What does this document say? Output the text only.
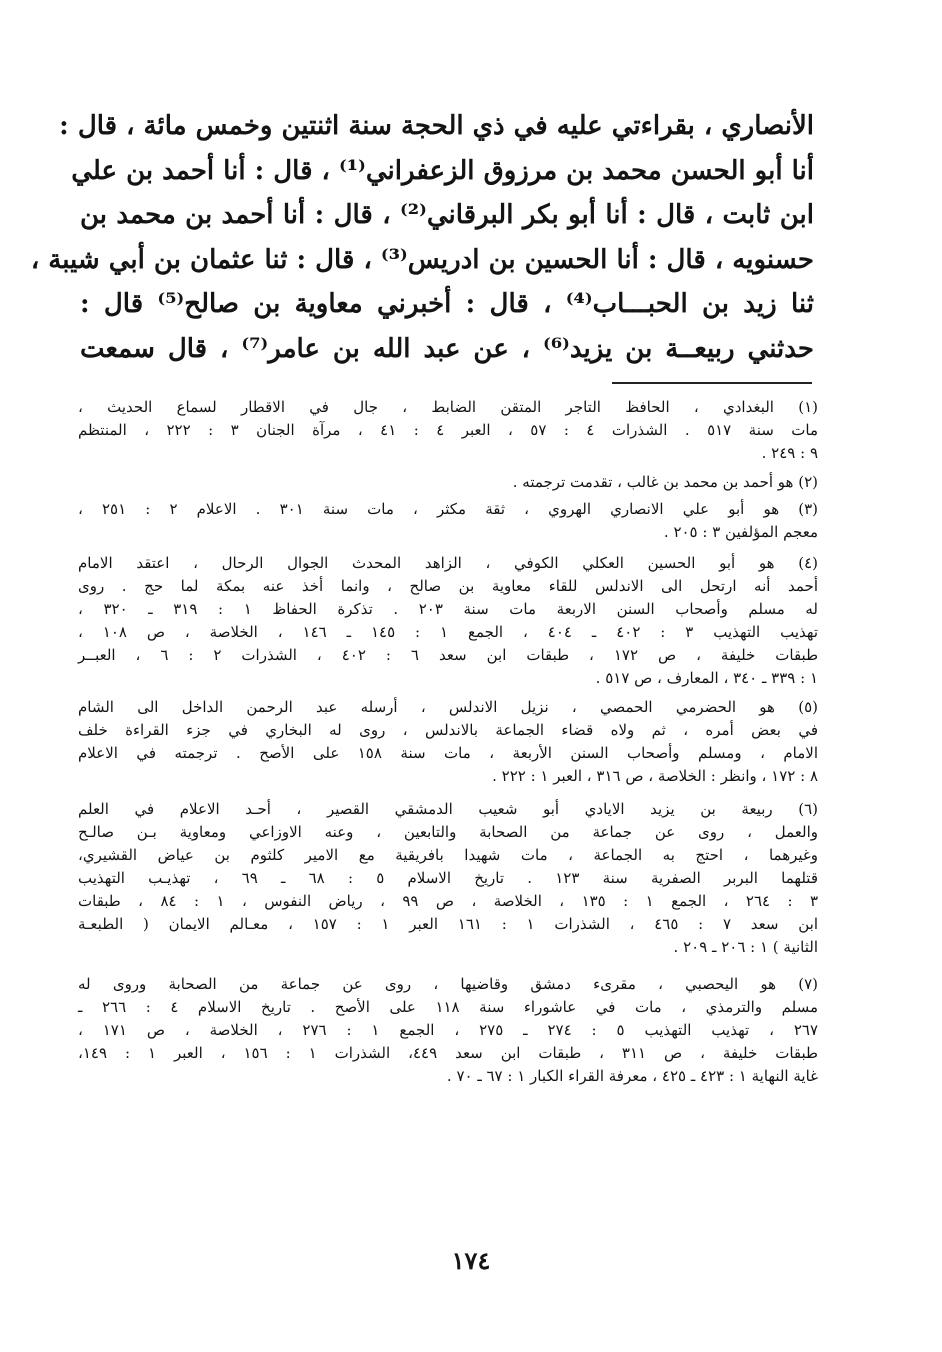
الأنصاري ، بقراءتي عليه في ذي الحجة سنة اثنتين وخمس مائة ، قال :
أنا أبو الحسن محمد بن مرزوق الزعفراني⁽¹⁾ ، قال : أنا أحمد بن علي
ابن ثابت ، قال : أنا أبو بكر البرقاني⁽²⁾ ، قال : أنا أحمد بن محمد بن
حسنويه ، قال : أنا الحسين بن ادريس⁽³⁾ ، قال : ثنا عثمان بن أبي شيبة ،
ثنا زيد بن الحبـــاب⁽⁴⁾ ، قال : أخبرني معاوية بن صالح⁽⁵⁾ قال :
حدثني ربيعــة بن يزيد⁽⁶⁾ ، عن عبد الله بن عامر⁽⁷⁾ ، قال سمعت
(١) البغدادي ، الحافظ التاجر المتقن الضابط ، جال في الاقطار لسماع الحديث ،
مات سنة ٥١٧ . الشذرات ٤ : ٥٧ ، العبر ٤ : ٤١ ، مرآة الجنان ٣ : ٢٢٢ ، المنتظم
٩ : ٢٤٩ .
(٢) هو أحمد بن محمد بن غالب ، تقدمت ترجمته .
(٣) هو أبو علي الانصاري الهروي ، ثقة مكثر ، مات سنة ٣٠١ . الاعلام ٢ : ٢٥١ ،
معجم المؤلفين ٣ : ٢٠٥ .
(٤) هو أبو الحسين العكلي الكوفي ، الزاهد المحدث الجوال الرحال ، اعتقد الامام
أحمد أنه ارتحل الى الاندلس للقاء معاوية بن صالح ، وانما أخذ عنه بمكة لما حج . روى
له مسلم وأصحاب السنن الاربعة مات سنة ٢٠٣ . تذكرة الحفاظ ١ : ٣١٩ ـ ٣٢٠ ،
تهذيب التهذيب ٣ : ٤٠٢ ـ ٤٠٤ ، الجمع ١ : ١٤٥ ـ ١٤٦ ، الخلاصة ، ص ١٠٨ ،
طبقات خليفة ، ص ١٧٢ ، طبقات ابن سعد ٦ : ٤٠٢ ، الشذرات ٢ : ٦ ، العبــر
١ : ٣٣٩ ـ ٣٤٠ ، المعارف ، ص ٥١٧ .
(٥) هو الحضرمي الحمصي ، نزيل الاندلس ، أرسله عبد الرحمن الداخل الى الشام
في بعض أمره ، ثم ولاه قضاء الجماعة بالاندلس ، روى له البخاري في جزء القراءة خلف
الامام ، ومسلم وأصحاب السنن الأربعة ، مات سنة ١٥٨ على الأصح . ترجمته في الاعلام
٨ : ١٧٢ ، وانظر : الخلاصة ، ص ٣١٦ ، العبر ١ : ٢٢٢ .
(٦) ربيعة بن يزيد الايادي أبو شعيب الدمشقي القصير ، أحـد الاعلام في العلم
والعمل ، روى عن جماعة من الصحابة والتابعين ، وعنه الاوزاعي ومعاوية بـن صالـح
وغيرهما ، احتج به الجماعة ، مات شهيدا بافريقية مع الامير كلثوم بن عياض القشيري،
قتلهما البربر الصفرية سنة ١٢٣ . تاريخ الاسلام ٥ : ٦٨ ـ ٦٩ ، تهذيـب التهذيب
٣ : ٢٦٤ ، الجمع ١ : ١٣٥ ، الخلاصة ، ص ٩٩ ، رياض النفوس ، ١ : ٨٤ ، طبقات
ابن سعد ٧ : ٤٦٥ ، الشذرات ١ : ١٦١ العبر ١ : ١٥٧ ، معـالم الايمان ( الطبعـة
الثانية ) ١ : ٢٠٦ ـ ٢٠٩ .
(٧) هو اليحصبي ، مقرىء دمشق وقاضيها ، روى عن جماعة من الصحابة وروى له
مسلم والترمذي ، مات في عاشوراء سنة ١١٨ على الأصح . تاريخ الاسلام ٤ : ٢٦٦ ـ
٢٦٧ ، تهذيب التهذيب ٥ : ٢٧٤ ـ ٢٧٥ ، الجمع ١ : ٢٧٦ ، الخلاصة ، ص ١٧١ ،
طبقات خليفة ، ص ٣١١ ، طبقات ابن سعد ٤٤٩، الشذرات ١ : ١٥٦ ، العبر ١ : ١٤٩،
غاية النهاية ١ : ٤٢٣ ـ ٤٢٥ ، معرفة القراء الكبار ١ : ٦٧ ـ ٧٠ .
١٧٤
